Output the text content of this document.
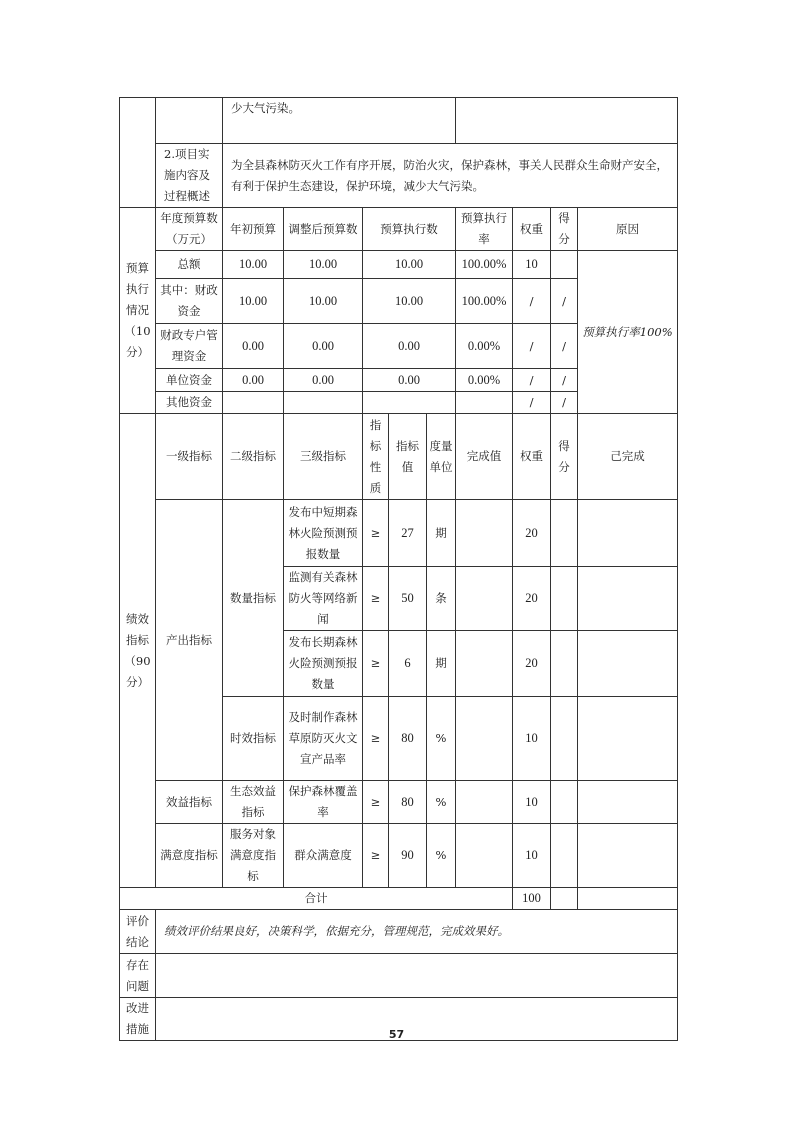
		少大气污染。								
	2.项目实施内容及过程概述	为全县森林防灭火工作有序开展，防治火灾，保护森林，事关人民群众生命财产安全，有利于保护生态建设，保护环境，减少大气污染。								
预算执行情况（10分）	年度预算数（万元）	年初预算	调整后预算数	预算执行数			预算执行率	权重	得分	原因
	总额	10.00	10.00	10.00			100.00%	10		预算执行率100%
	其中：财政资金	10.00	10.00	10.00			100.00%	/	/	
	财政专户管理资金	0.00	0.00	0.00			0.00%	/	/	
	单位资金	0.00	0.00	0.00			0.00%	/	/	
	其他资金							/	/	
绩效指标（90分）	一级指标	二级指标	三级指标	指标性质	指标值	度量单位	完成值	权重	得分	己完成
	产出指标	数量指标	发布中短期森林火险预测预报数量	≥	27	期		20		
			监测有关森林防火等网络新闻	≥	50	条		20		
			发布长期森林火险预测预报数量	≥	6	期		20		
		时效指标	及时制作森林草原防灭火文宣产品率	≥	80	%		10		
	效益指标	生态效益指标	保护森林覆盖率	≥	80	%		10		
	满意度指标	服务对象满意度指标	群众满意度	≥	90	%		10		
合计								100		
评价结论	绩效评价结果良好，决策科学，依据充分，管理规范，完成效果好。									
存在问题										
改进措施											57
